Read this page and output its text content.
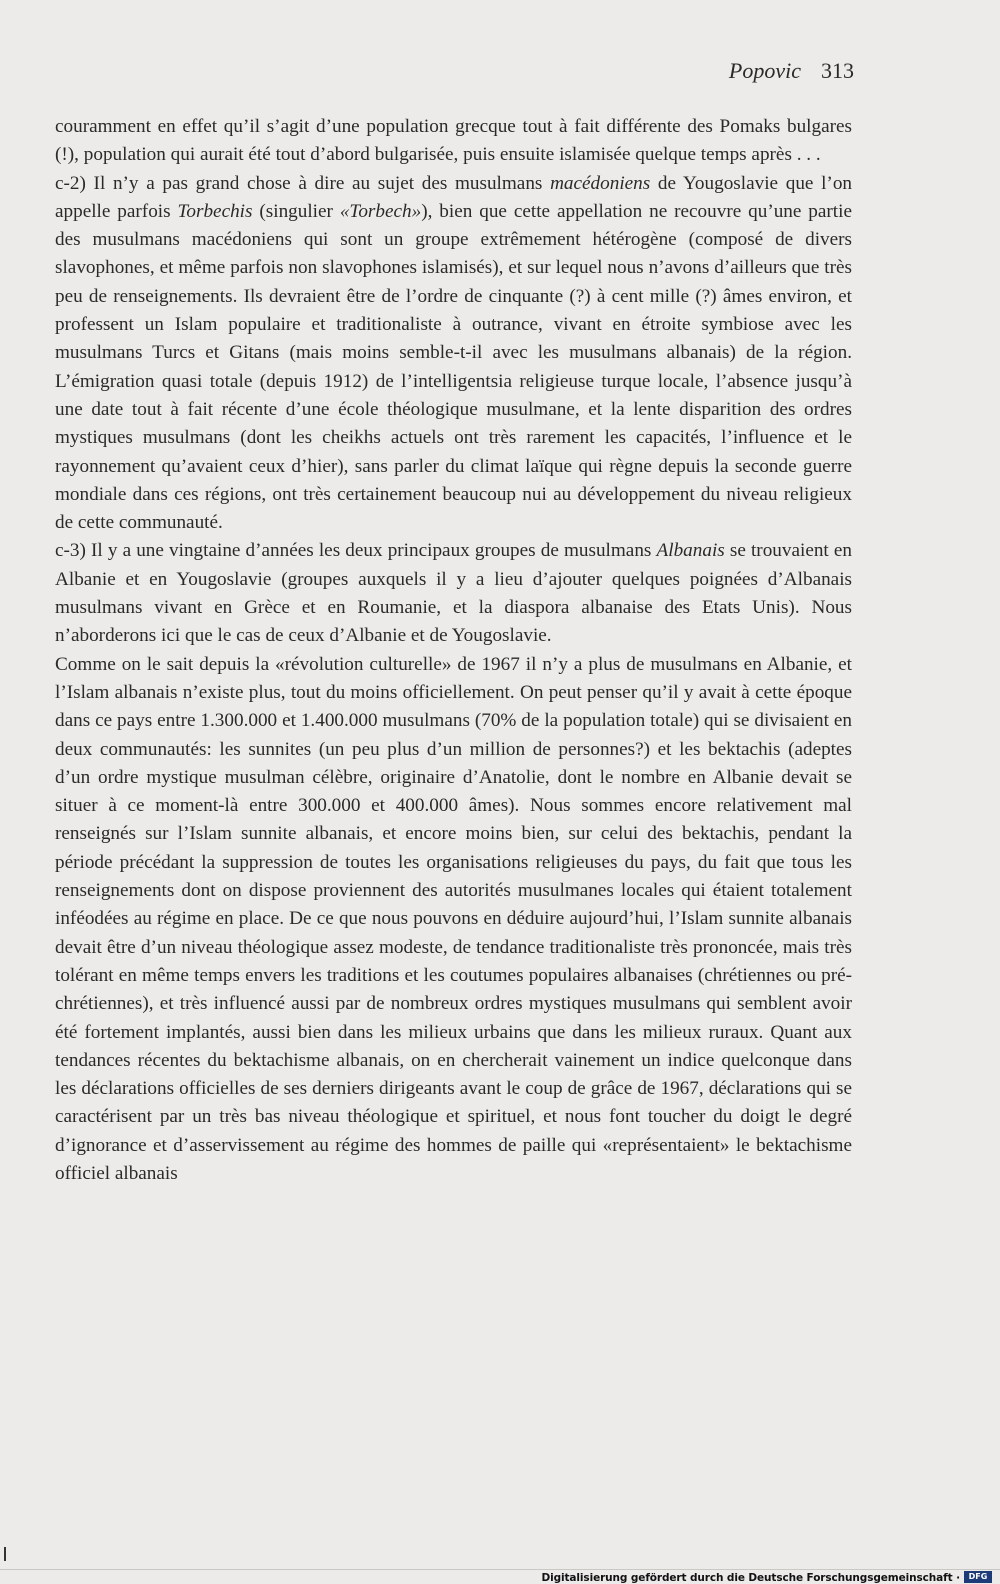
Popovic 313

couramment en effet qu’il s’agit d’une population grecque tout à fait différente des Pomaks bulgares (!), population qui aurait été tout d’abord bulgarisée, puis ensuite islamisée quelque temps après . . .

c-2) Il n’y a pas grand chose à dire au sujet des musulmans macédoniens de Yougoslavie que l’on appelle parfois Torbechis (singulier «Torbech»), bien que cette appellation ne recouvre qu’une partie des musulmans macédoniens qui sont un groupe extrêmement hétérogène (composé de divers slavophones, et même parfois non slavophones islamisés), et sur lequel nous n’avons d’ailleurs que très peu de renseignements. Ils devraient être de l’ordre de cinquante (?) à cent mille (?) âmes environ, et professent un Islam populaire et traditionaliste à outrance, vivant en étroite symbiose avec les musulmans Turcs et Gitans (mais moins semble-t-il avec les musulmans albanais) de la région. L’émigration quasi totale (depuis 1912) de l’intelligentsia religieuse turque locale, l’absence jusqu’à une date tout à fait récente d’une école théologique musulmane, et la lente disparition des ordres mystiques musulmans (dont les cheikhs actuels ont très rarement les capacités, l’influence et le rayonnement qu’avaient ceux d’hier), sans parler du climat laïque qui règne depuis la seconde guerre mondiale dans ces régions, ont très certainement beaucoup nui au développement du niveau religieux de cette communauté.

c-3) Il y a une vingtaine d’années les deux principaux groupes de musulmans Albanais se trouvaient en Albanie et en Yougoslavie (groupes auxquels il y a lieu d’ajouter quelques poignées d’Albanais musulmans vivant en Grèce et en Roumanie, et la diaspora albanaise des Etats Unis). Nous n’aborderons ici que le cas de ceux d’Albanie et de Yougoslavie.

Comme on le sait depuis la «révolution culturelle» de 1967 il n’y a plus de musulmans en Albanie, et l’Islam albanais n’existe plus, tout du moins officiellement. On peut penser qu’il y avait à cette époque dans ce pays entre 1.300.000 et 1.400.000 musulmans (70% de la population totale) qui se divisaient en deux communautés: les sunnites (un peu plus d’un million de personnes?) et les bektachis (adeptes d’un ordre mystique musulman célèbre, originaire d’Anatolie, dont le nombre en Albanie devait se situer à ce moment-là entre 300.000 et 400.000 âmes). Nous sommes encore relativement mal renseignés sur l’Islam sunnite albanais, et encore moins bien, sur celui des bektachis, pendant la période précédant la suppression de toutes les organisations religieuses du pays, du fait que tous les renseignements dont on dispose proviennent des autorités musulmanes locales qui étaient totalement inféodées au régime en place. De ce que nous pouvons en déduire aujourd’hui, l’Islam sunnite albanais devait être d’un niveau théologique assez modeste, de tendance traditionaliste très prononcée, mais très tolérant en même temps envers les traditions et les coutumes populaires albanaises (chrétiennes ou pré-chrétiennes), et très influencé aussi par de nombreux ordres mystiques musulmans qui semblent avoir été fortement implantés, aussi bien dans les milieux urbains que dans les milieux ruraux. Quant aux tendances récentes du bektachisme albanais, on en chercherait vainement un indice quelconque dans les déclarations officielles de ses derniers dirigeants avant le coup de grâce de 1967, déclarations qui se caractérisent par un très bas niveau théologique et spirituel, et nous font toucher du doigt le degré d’ignorance et d’asservissement au régime des hommes de paille qui «représentaient» le bektachisme officiel albanais

Digitalisierung gefördert durch die Deutsche Forschungsgemeinschaft ·	DFG
